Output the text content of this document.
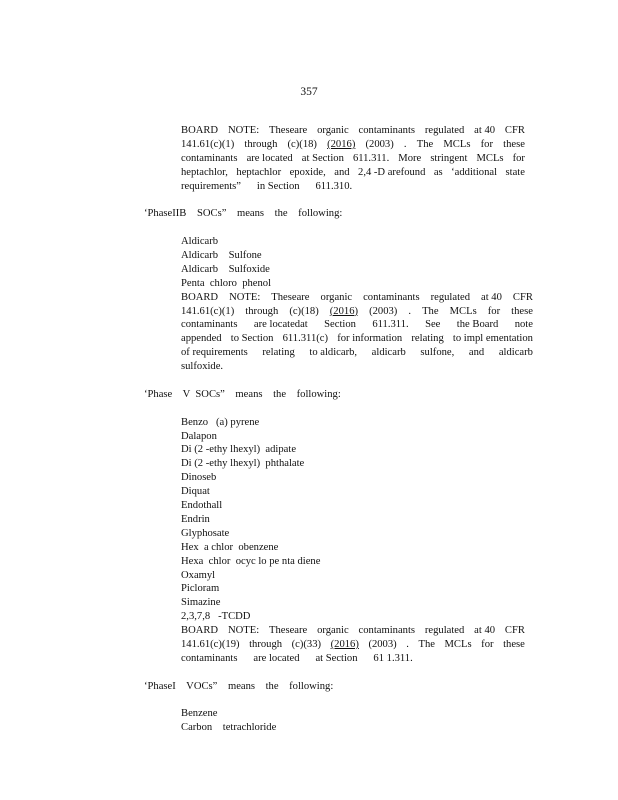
357
BOARD NOTE: Theseare organic contaminants regulated at 40 CFR
141.61(c)(1) through (c)(18) (2016) (2003) . The MCLs for these
contaminants are located at Section 611.311. More stringent MCLs for
heptachlor, heptachlor epoxide, and 2,4 -D arefound as ‘additional state
requirements”      in Section      611.310.
‘PhaseIIB    SOCs”    means    the    following:
Aldicarb
Aldicarb    Sulfone
Aldicarb    Sulfoxide
Penta  chloro  phenol
BOARD NOTE: Theseare organic contaminants regulated at 40 CFR
141.61(c)(1) through (c)(18) (2016) (2003) . The MCLs for these
contaminants are locatedat Section 611.311. See the Board note
appended to Section 611.311(c) for information relating to impl ementation
of requirements relating to aldicarb, aldicarb sulfone, and aldicarb
sulfoxide.
‘Phase    V  SOCs”    means    the    following:
Benzo   (a) pyrene
Dalapon
Di (2 -ethy lhexyl)  adipate
Di (2 -ethy lhexyl)  phthalate
Dinoseb
Diquat
Endothall
Endrin
Glyphosate
Hex  a chlor  obenzene
Hexa  chlor  ocyc lo pe nta diene
Oxamyl
Picloram
Simazine
2,3,7,8   -TCDD
BOARD NOTE: Theseare organic contaminants regulated at 40 CFR
141.61(c)(19) through (c)(33) (2016) (2003) . The MCLs for these
contaminants      are located      at Section      61 1.311.
‘PhaseI    VOCs”    means    the    following:
Benzene
Carbon    tetrachloride
